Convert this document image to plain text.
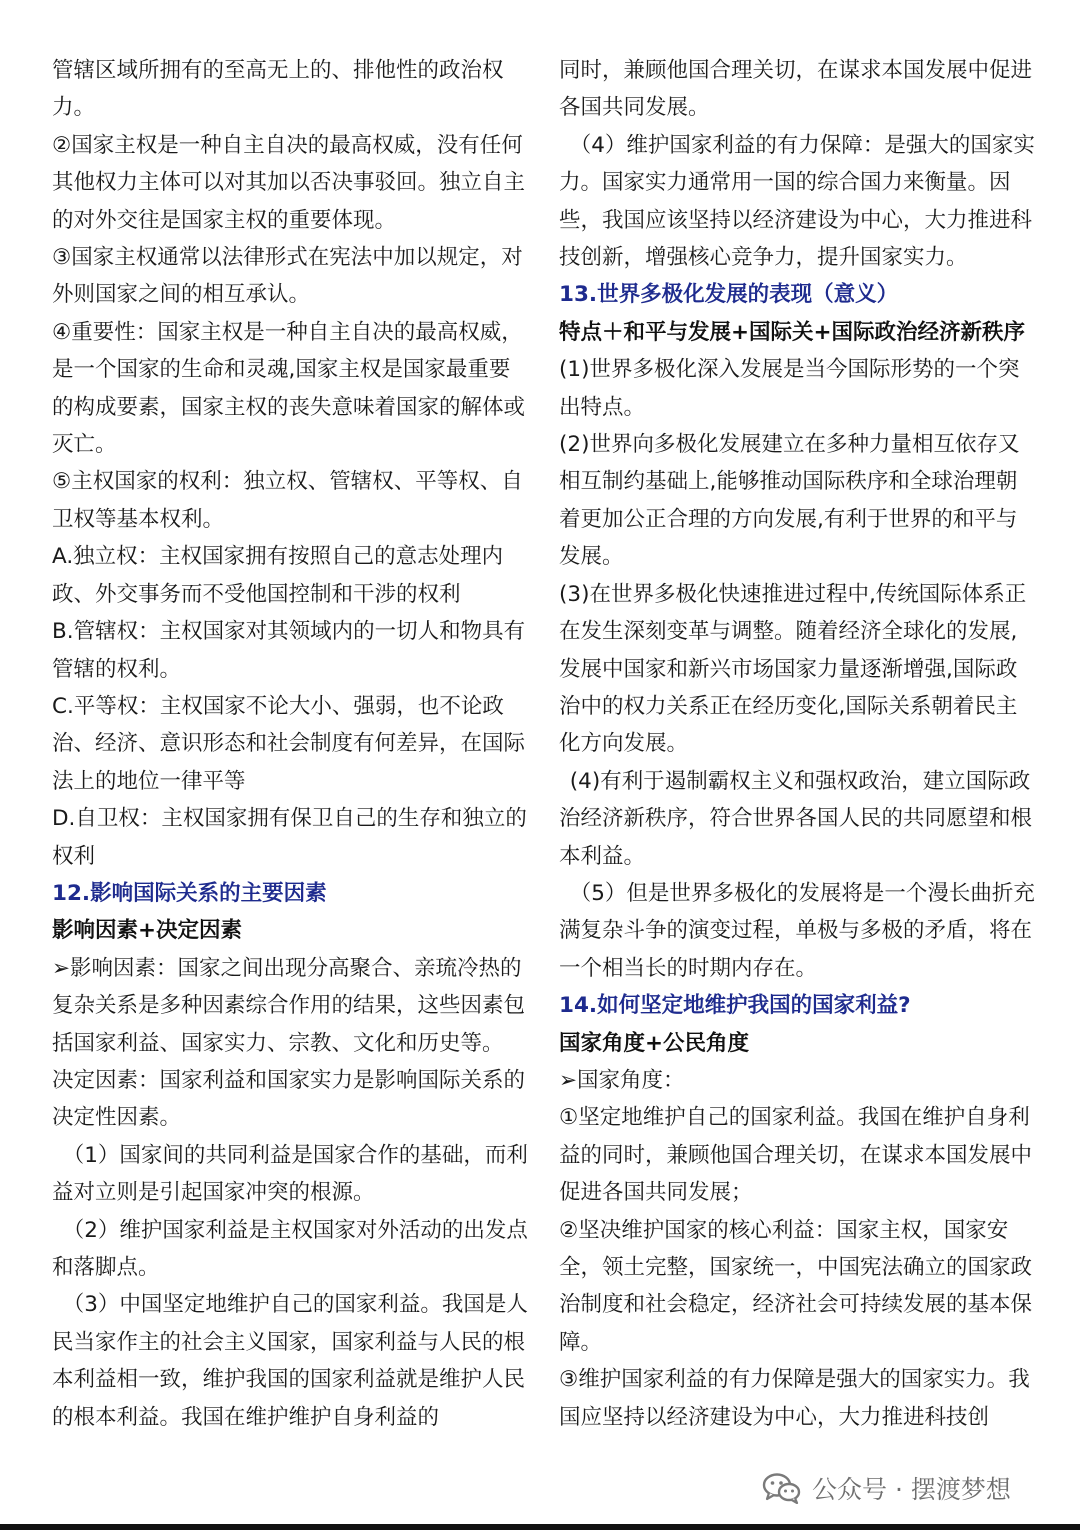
管辖区域所拥有的至高无上的、排他性的政治权力。

②国家主权是一种自主自决的最高权威，没有任何其他权力主体可以对其加以否决事驳回。独立自主的对外交往是国家主权的重要体现。

③国家主权通常以法律形式在宪法中加以规定，对外则国家之间的相互承认。

④重要性：国家主权是一种自主自决的最高权威，是一个国家的生命和灵魂,国家主权是国家最重要的构成要素，国家主权的丧失意味着国家的解体或灭亡。

⑤主权国家的权利：独立权、管辖权、平等权、自卫权等基本权利。

A.独立权：主权国家拥有按照自己的意志处理内政、外交事务而不受他国控制和干涉的权利

B.管辖权：主权国家对其领域内的一切人和物具有管辖的权利。

C.平等权：主权国家不论大小、强弱，也不论政治、经济、意识形态和社会制度有何差异，在国际法上的地位一律平等

D.自卫权：主权国家拥有保卫自己的生存和独立的权利

12.影响国际关系的主要因素

影响因素+决定因素

➢影响因素：国家之间出现分高聚合、亲琉冷热的复杂关系是多种因素综合作用的结果，这些因素包括国家利益、国家实力、宗教、文化和历史等。

决定因素：国家利益和国家实力是影响国际关系的决定性因素。

（1）国家间的共同利益是国家合作的基础，而利益对立则是引起国家冲突的根源。

（2）维护国家利益是主权国家对外活动的出发点和落脚点。

（3）中国坚定地维护自己的国家利益。我国是人民当家作主的社会主义国家，国家利益与人民的根本利益相一致，维护我国的国家利益就是维护人民的根本利益。我国在维护维护自身利益的

同时，兼顾他国合理关切，在谋求本国发展中促进各国共同发展。

（4）维护国家利益的有力保障：是强大的国家实力。国家实力通常用一国的综合国力来衡量。因些，我国应该坚持以经济建设为中心，大力推进科技创新，增强核心竞争力，提升国家实力。

13.世界多极化发展的表现（意义）

特点＋和平与发展+国际关+国际政治经济新秩序

(1)世界多极化深入发展是当今国际形势的一个突出特点。

(2)世界向多极化发展建立在多种力量相互依存又相互制约基础上,能够推动国际秩序和全球治理朝着更加公正合理的方向发展,有利于世界的和平与发展。

(3)在世界多极化快速推进过程中,传统国际体系正在发生深刻变革与调整。随着经济全球化的发展,发展中国家和新兴市场国家力量逐渐增强,国际政治中的权力关系正在经历变化,国际关系朝着民主化方向发展。

(4)有利于遏制霸权主义和强权政治，建立国际政治经济新秩序，符合世界各国人民的共同愿望和根本利益。

（5）但是世界多极化的发展将是一个漫长曲折充满复杂斗争的演变过程，单极与多极的矛盾，将在一个相当长的时期内存在。

14.如何坚定地维护我国的国家利益?

国家角度+公民角度

➢国家角度：

①坚定地维护自己的国家利益。我国在维护自身利益的同时，兼顾他国合理关切，在谋求本国发展中促进各国共同发展；

②坚决维护国家的核心利益：国家主权，国家安全，领土完整，国家统一，中国宪法确立的国家政治制度和社会稳定，经济社会可持续发展的基本保障。

③维护国家利益的有力保障是强大的国家实力。我国应坚持以经济建设为中心，大力推进科技创

公众号 · 摆渡梦想
